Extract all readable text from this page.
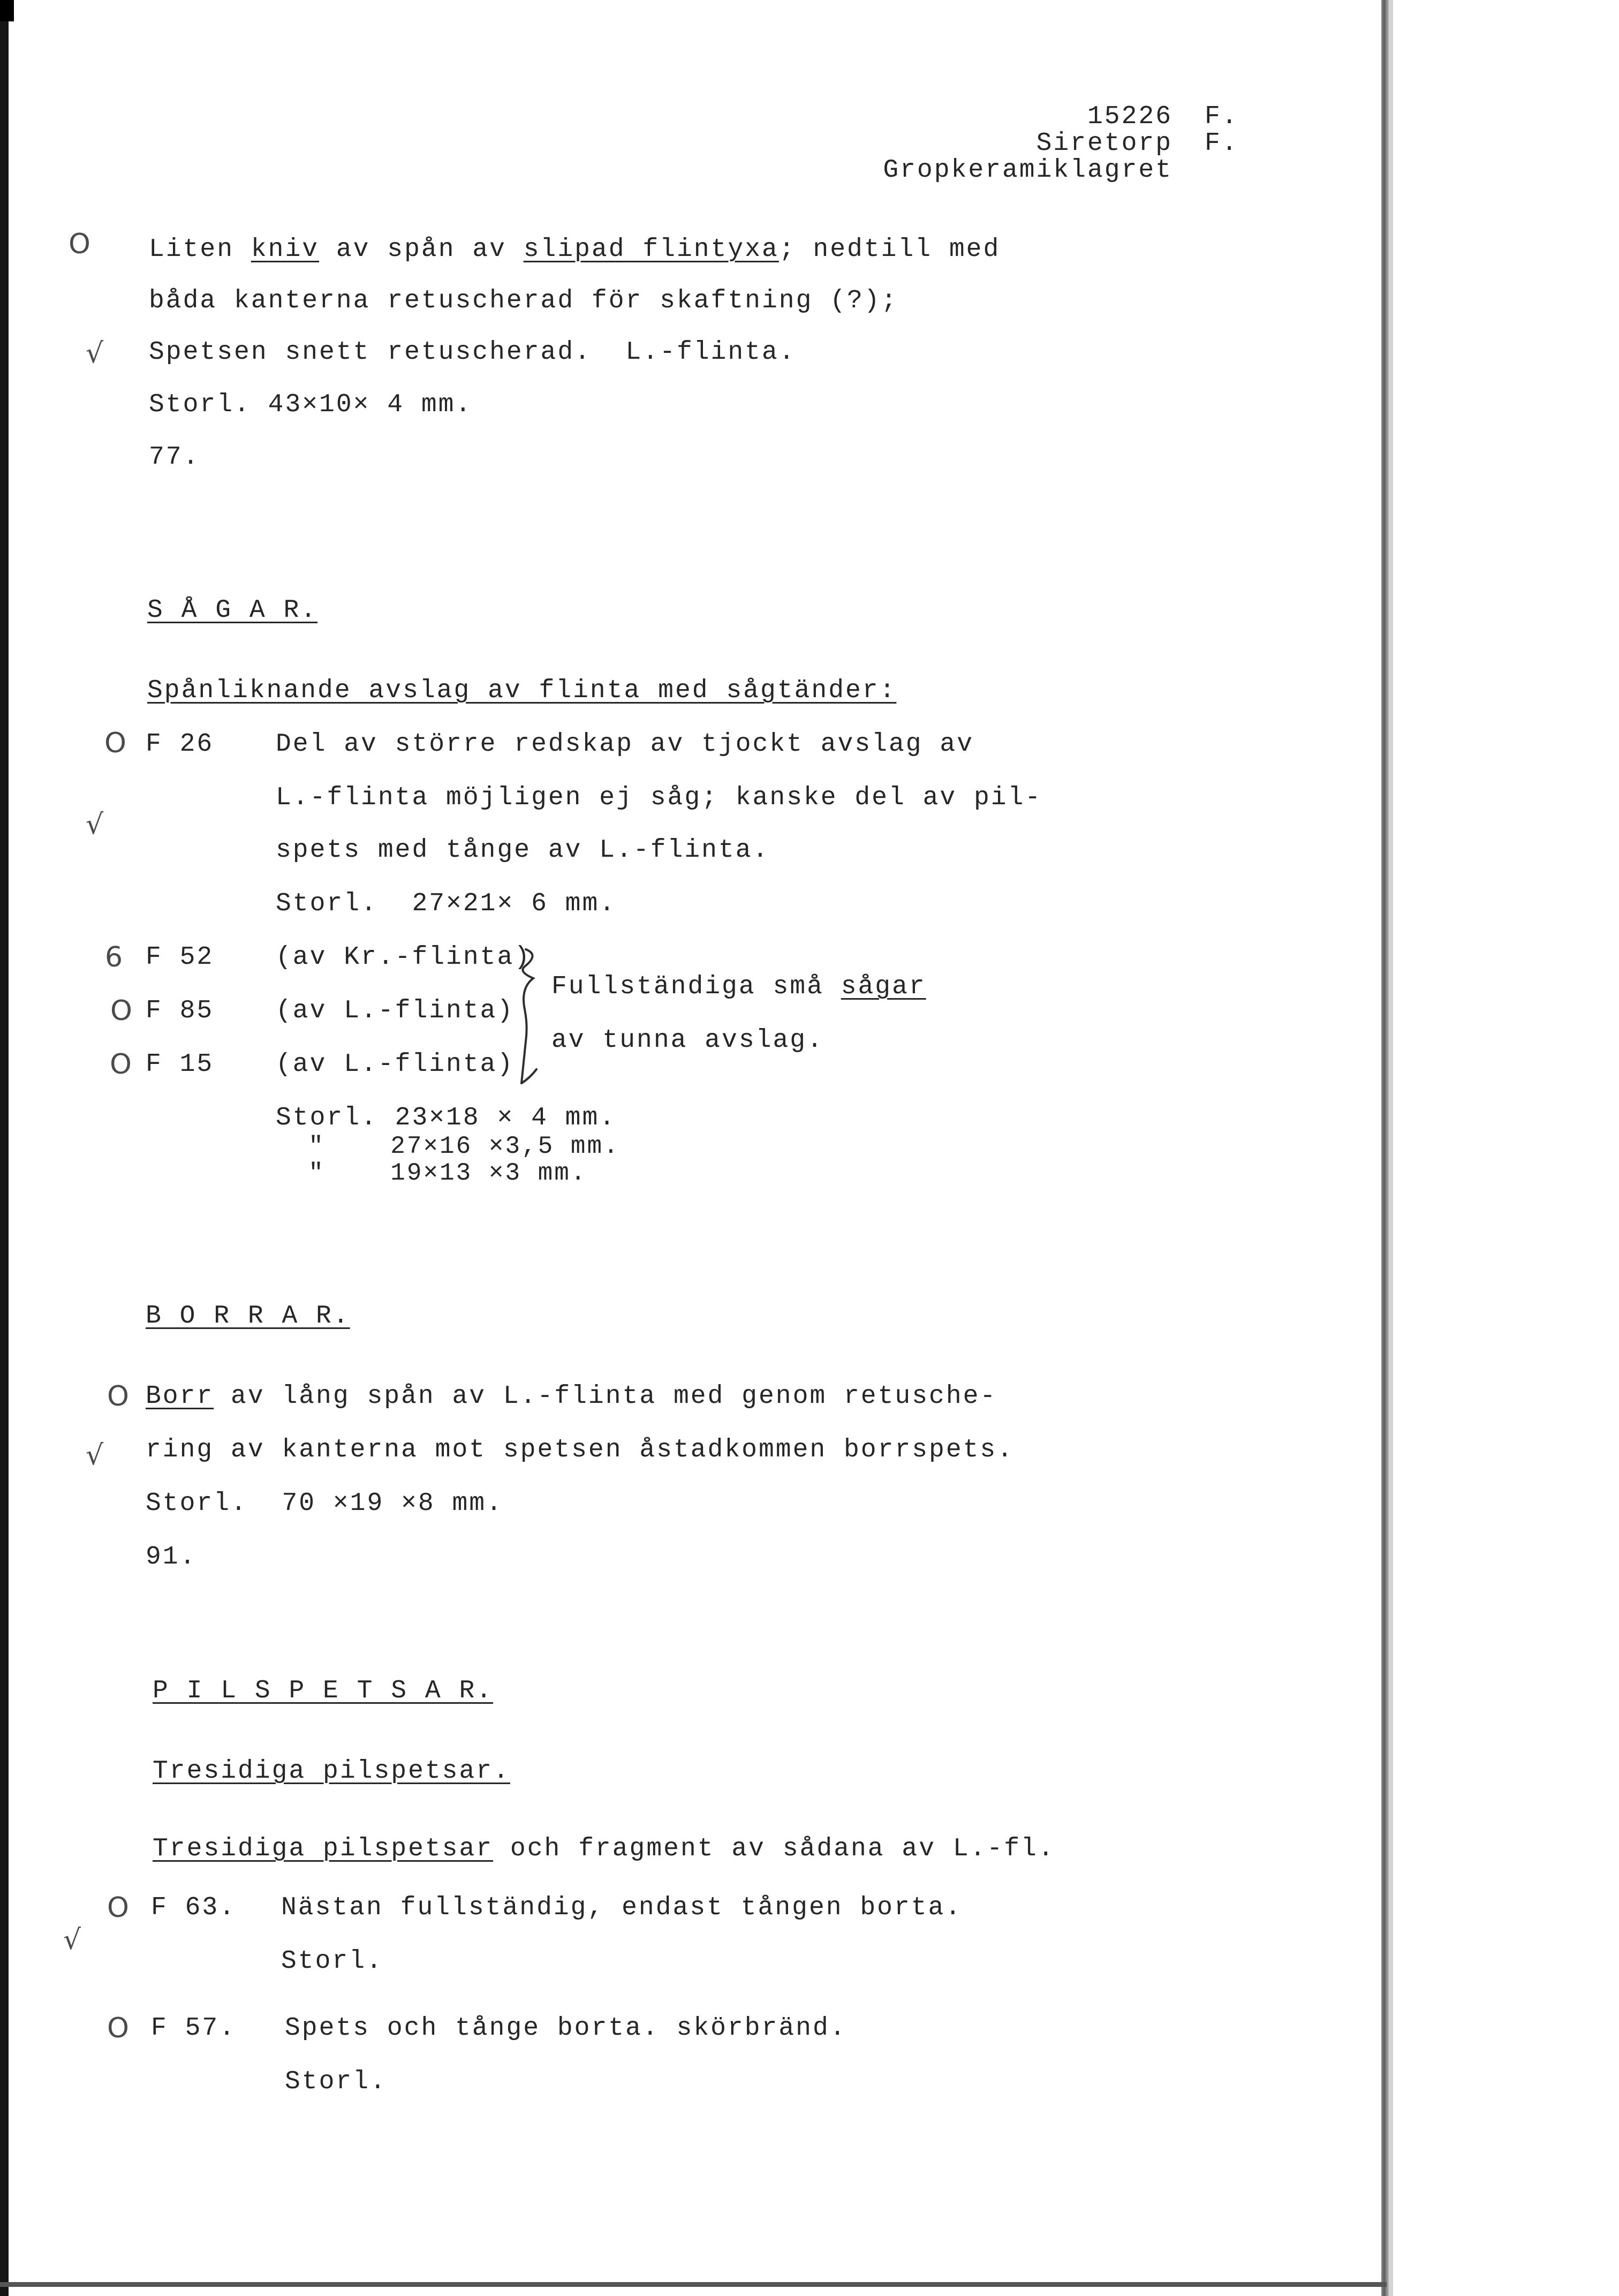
15226 F.
Siretorp F.
Gropkeramiklagret
O Liten kniv av spån av slipad flintyxa; nedtill med
båda kanterna retuscherad för skaftning (?);
√ Spetsen snett retuscherad.  L.-flinta.
Storl. 43×10× 4 mm.
77.
S Å G A R.
Spånliknande avslag av flinta med sågtänder:
O F 26 Del av större redskap av tjockt avslag av
L.-flinta möjligen ej såg; kanske del av pil-
√
spets med tånge av L.-flinta.
Storl.  27×21× 6 mm.
6 F 52 (av Kr.-flinta)
O F 85 (av L.-flinta)
O F 15 (av L.-flinta)
Fullständiga små sågar
av tunna avslag.
Storl. 23×18 × 4 mm.
"    27×16 ×3,5 mm.
"    19×13 ×3 mm.
B O R R A R.
O Borr av lång spån av L.-flinta med genom retusche-
√ ring av kanterna mot spetsen åstadkommen borrspets.
Storl.  70 ×19 ×8 mm.
91.
P I L S P E T S A R.
Tresidiga pilspetsar.
Tresidiga pilspetsar och fragment av sådana av L.-fl.
O F 63. Nästan fullständig, endast tången borta.
√
Storl.
O F 57. Spets och tånge borta. skörbränd.
Storl.
